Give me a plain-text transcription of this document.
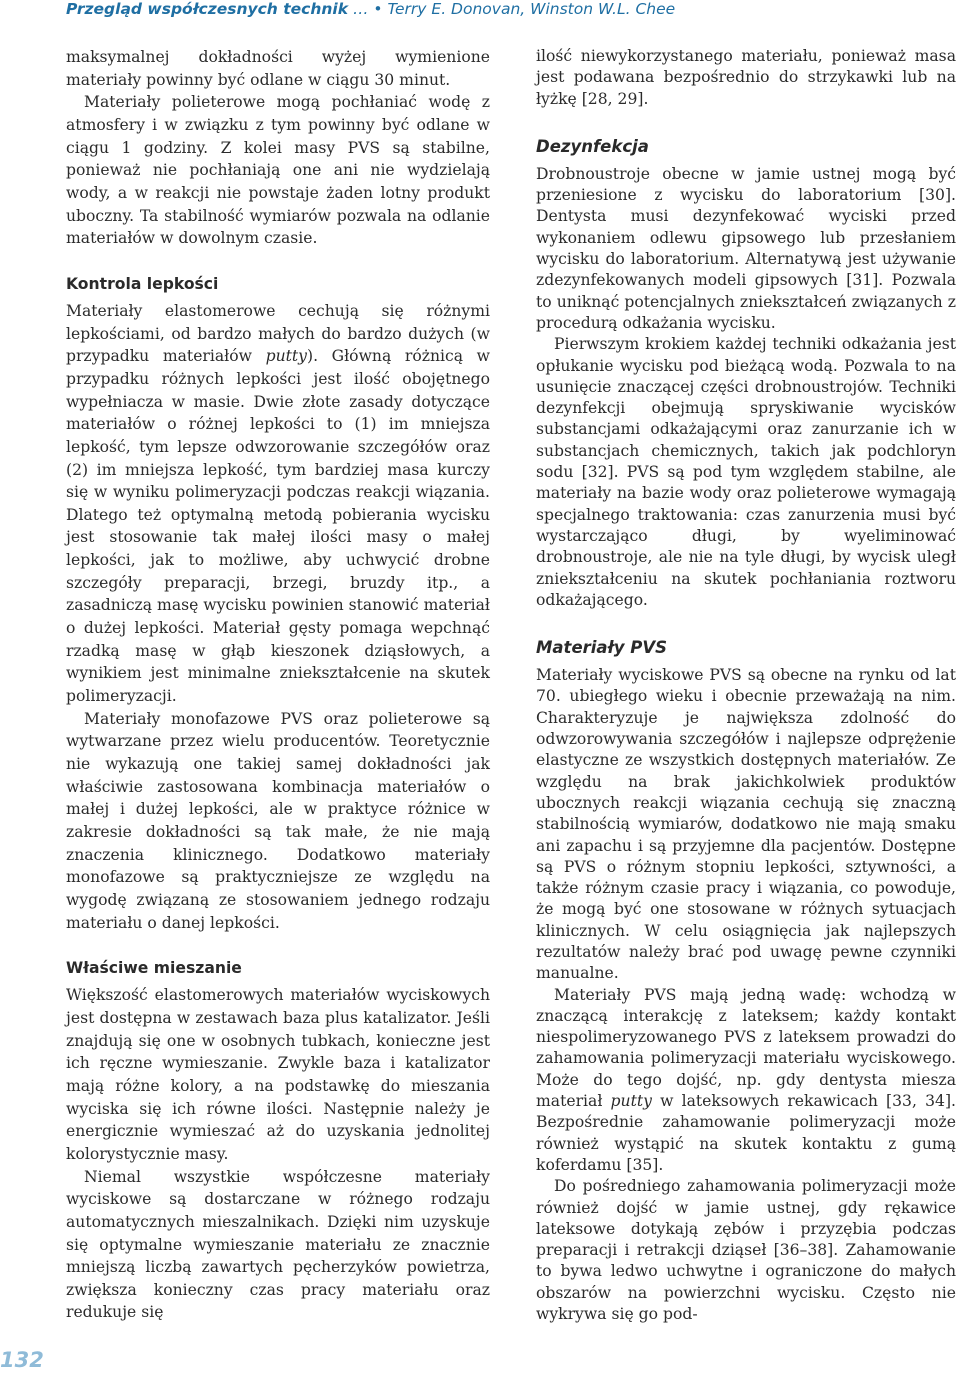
Przegląd współczesnych technik … • Terry E. Donovan, Winston W.L. Chee

maksymalnej dokładności wyżej wymienione materiały powinny być odlane w ciągu 30 minut.

Materiały polieterowe mogą pochłaniać wodę z atmosfery i w związku z tym powinny być odlane w ciągu 1 godziny. Z kolei masy PVS są stabilne, ponieważ nie pochłaniają one ani nie wydzielają wody, a w reakcji nie powstaje żaden lotny produkt uboczny. Ta stabilność wymiarów pozwala na odlanie materiałów w dowolnym czasie.

Kontrola lepkości

Materiały elastomerowe cechują się różnymi lepkościami, od bardzo małych do bardzo dużych (w przypadku materiałów putty). Główną różnicą w przypadku różnych lepkości jest ilość obojętnego wypełniacza w masie. Dwie złote zasady dotyczące materiałów o różnej lepkości to (1) im mniejsza lepkość, tym lepsze odwzorowanie szczegółów oraz (2) im mniejsza lepkość, tym bardziej masa kurczy się w wyniku polimeryzacji podczas reakcji wiązania. Dlatego też optymalną metodą pobierania wycisku jest stosowanie tak małej ilości masy o małej lepkości, jak to możliwe, aby uchwycić drobne szczegóły preparacji, brzegi, bruzdy itp., a zasadniczą masę wycisku powinien stanowić materiał o dużej lepkości. Materiał gęsty pomaga wepchnąć rzadką masę w głąb kieszonek dziąsłowych, a wynikiem jest minimalne zniekształcenie na skutek polimeryzacji.

Materiały monofazowe PVS oraz polieterowe są wytwarzane przez wielu producentów. Teoretycznie nie wykazują one takiej samej dokładności jak właściwie zastosowana kombinacja materiałów o małej i dużej lepkości, ale w praktyce różnice w zakresie dokładności są tak małe, że nie mają znaczenia klinicznego. Dodatkowo materiały monofazowe są praktyczniejsze ze względu na wygodę związaną ze stosowaniem jednego rodzaju materiału o danej lepkości.

Właściwe mieszanie

Większość elastomerowych materiałów wyciskowych jest dostępna w zestawach baza plus katalizator. Jeśli znajdują się one w osobnych tubkach, konieczne jest ich ręczne wymieszanie. Zwykle baza i katalizator mają różne kolory, a na podstawkę do mieszania wyciska się ich równe ilości. Następnie należy je energicznie wymieszać aż do uzyskania jednolitej kolorystycznie masy.

Niemal wszystkie współczesne materiały wyciskowe są dostarczane w różnego rodzaju automatycznych mieszalnikach. Dzięki nim uzyskuje się optymalne wymieszanie materiału ze znacznie mniejszą liczbą zawartych pęcherzyków powietrza, zwiększa konieczny czas pracy materiału oraz redukuje się

ilość niewykorzystanego materiału, ponieważ masa jest podawana bezpośrednio do strzykawki lub na łyżkę [28, 29].

Dezynfekcja

Drobnoustroje obecne w jamie ustnej mogą być przeniesione z wycisku do laboratorium [30]. Dentysta musi dezynfekować wyciski przed wykonaniem odlewu gipsowego lub przesłaniem wycisku do laboratorium. Alternatywą jest używanie zdezynfekowanych modeli gipsowych [31]. Pozwala to uniknąć potencjalnych zniekształceń związanych z procedurą odkażania wycisku.

Pierwszym krokiem każdej techniki odkażania jest opłukanie wycisku pod bieżącą wodą. Pozwala to na usunięcie znaczącej części drobnoustrojów. Techniki dezynfekcji obejmują spryskiwanie wycisków substancjami odkażającymi oraz zanurzanie ich w substancjach chemicznych, takich jak podchloryn sodu [32]. PVS są pod tym względem stabilne, ale materiały na bazie wody oraz polieterowe wymagają specjalnego traktowania: czas zanurzenia musi być wystarczająco długi, by wyeliminować drobnoustroje, ale nie na tyle długi, by wycisk uległ zniekształceniu na skutek pochłaniania roztworu odkażającego.

Materiały PVS

Materiały wyciskowe PVS są obecne na rynku od lat 70. ubiegłego wieku i obecnie przeważają na nim. Charakteryzuje je największa zdolność do odwzorowywania szczegółów i najlepsze odprężenie elastyczne ze wszystkich dostępnych materiałów. Ze względu na brak jakichkolwiek produktów ubocznych reakcji wiązania cechują się znaczną stabilnością wymiarów, dodatkowo nie mają smaku ani zapachu i są przyjemne dla pacjentów. Dostępne są PVS o różnym stopniu lepkości, sztywności, a także różnym czasie pracy i wiązania, co powoduje, że mogą być one stosowane w różnych sytuacjach klinicznych. W celu osiągnięcia jak najlepszych rezultatów należy brać pod uwagę pewne czynniki manualne.

Materiały PVS mają jedną wadę: wchodzą w znaczącą interakcję z lateksem; każdy kontakt niespolimeryzowanego PVS z lateksem prowadzi do zahamowania polimeryzacji materiału wyciskowego. Może do tego dojść, np. gdy dentysta miesza materiał putty w lateksowych rekawicach [33, 34]. Bezpośrednie zahamowanie polimeryzacji może również wystąpić na skutek kontaktu z gumą koferdamu [35].

Do pośredniego zahamowania polimeryzacji może również dojść w jamie ustnej, gdy rękawice lateksowe dotykają zębów i przyzębia podczas preparacji i retrakcji dziąseł [36–38]. Zahamowanie to bywa ledwo uchwytne i ograniczone do małych obszarów na powierzchni wycisku. Często nie wykrywa się go pod-

132
